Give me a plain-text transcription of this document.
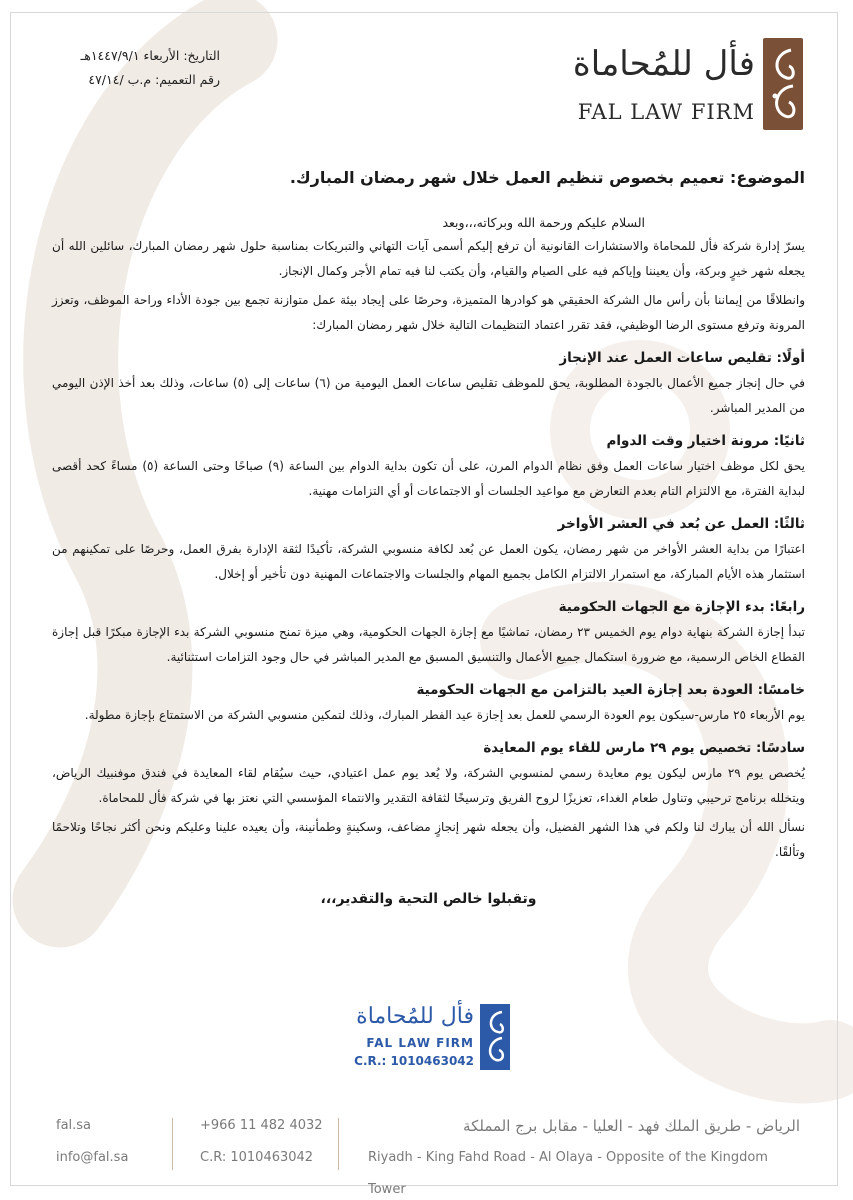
فأل للمُحاماة
FAL LAW FIRM
التاريخ: الأربعاء ١٤٤٧/٩/١هـ
رقم التعميم: م.ب /٤٧/١٤
الموضوع: تعميم بخصوص تنظيم العمل خلال شهر رمضان المبارك.
السلام عليكم ورحمة الله وبركاته،،،وبعد

يسرّ إدارة شركة فأل للمحاماة والاستشارات القانونية أن ترفع إليكم أسمى آيات التهاني والتبريكات بمناسبة حلول شهر رمضان المبارك، سائلين الله أن يجعله شهر خيرٍ وبركة، وأن يعيننا وإياكم فيه على الصيام والقيام، وأن يكتب لنا فيه تمام الأجر وكمال الإنجاز.

وانطلاقًا من إيماننا بأن رأس مال الشركة الحقيقي هو كوادرها المتميزة، وحرصًا على إيجاد بيئة عمل متوازنة تجمع بين جودة الأداء وراحة الموظف، وتعزز المرونة وترفع مستوى الرضا الوظيفي، فقد تقرر اعتماد التنظيمات التالية خلال شهر رمضان المبارك:

أولًا: تقليص ساعات العمل عند الإنجاز

في حال إنجاز جميع الأعمال بالجودة المطلوبة، يحق للموظف تقليص ساعات العمل اليومية من (٦) ساعات إلى (٥) ساعات، وذلك بعد أخذ الإذن اليومي من المدير المباشر.

ثانيًا: مرونة اختيار وقت الدوام

يحق لكل موظف اختيار ساعات العمل وفق نظام الدوام المرن، على أن تكون بداية الدوام بين الساعة (٩) صباحًا وحتى الساعة (٥) مساءً كحد أقصى لبداية الفترة، مع الالتزام التام بعدم التعارض مع مواعيد الجلسات أو الاجتماعات أو أي التزامات مهنية.

ثالثًا: العمل عن بُعد في العشر الأواخر

اعتبارًا من بداية العشر الأواخر من شهر رمضان، يكون العمل عن بُعد لكافة منسوبي الشركة، تأكيدًا لثقة الإدارة بفرق العمل، وحرصًا على تمكينهم من استثمار هذه الأيام المباركة، مع استمرار الالتزام الكامل بجميع المهام والجلسات والاجتماعات المهنية دون تأخير أو إخلال.

رابعًا: بدء الإجازة مع الجهات الحكومية

تبدأ إجازة الشركة بنهاية دوام يوم الخميس ٢٣ رمضان، تماشيًا مع إجازة الجهات الحكومية، وهي ميزة تمنح منسوبي الشركة بدء الإجازة مبكرًا قبل إجازة القطاع الخاص الرسمية، مع ضرورة استكمال جميع الأعمال والتنسيق المسبق مع المدير المباشر في حال وجود التزامات استثنائية.

خامسًا: العودة بعد إجازة العيد بالتزامن مع الجهات الحكومية

يوم الأربعاء ٢٥ مارس-سيكون يوم العودة الرسمي للعمل بعد إجازة عيد الفطر المبارك، وذلك لتمكين منسوبي الشركة من الاستمتاع بإجازة مطولة.

سادسًا: تخصيص يوم ٢٩ مارس للقاء يوم المعايدة

يُخصص يوم ٢٩ مارس ليكون يوم معايدة رسمي لمنسوبي الشركة، ولا يُعد يوم عمل اعتيادي، حيث سيُقام لقاء المعايدة في فندق موفنبيك الرياض، ويتخلله برنامج ترحيبي وتناول طعام الغداء، تعزيزًا لروح الفريق وترسيخًا لثقافة التقدير والانتماء المؤسسي التي نعتز بها في شركة فأل للمحاماة.

نسأل الله أن يبارك لنا ولكم في هذا الشهر الفضيل، وأن يجعله شهر إنجازٍ مضاعف، وسكينةٍ وطمأنينة، وأن يعيده علينا وعليكم ونحن أكثر نجاحًا وتلاحمًا وتألقًا.

وتقبلوا خالص التحية والتقدير،،،
فأل للمُحاماة
FAL LAW FIRM
C.R.: 1010463042
fal.sa
info@fal.sa
+966 11 482 4032
C.R: 1010463042
الرياض - طريق الملك فهد - العليا - مقابل برج المملكة
Riyadh - King Fahd Road - Al Olaya - Opposite of the Kingdom Tower
